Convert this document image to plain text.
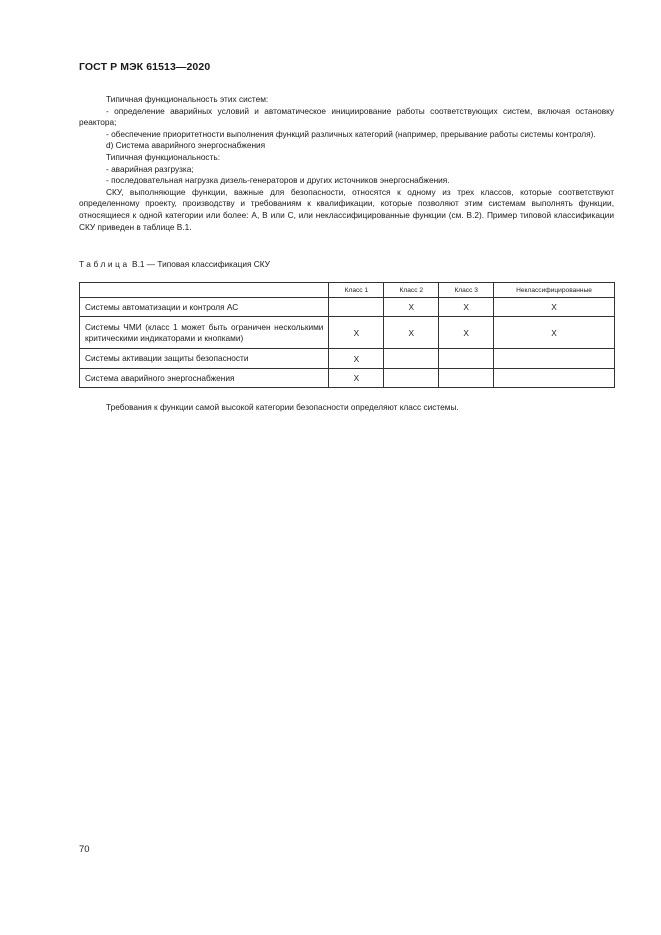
ГОСТ Р МЭК 61513—2020

Типичная функциональность этих систем:

- определение аварийных условий и автоматическое инициирование работы соответствующих систем, включая остановку реактора;

- обеспечение приоритетности выполнения функций различных категорий (например, прерывание работы системы контроля).

d) Система аварийного энергоснабжения

Типичная функциональность:

- аварийная разгрузка;

- последовательная нагрузка дизель-генераторов и других источников энергоснабжения.

СКУ, выполняющие функции, важные для безопасности, относятся к одному из трех классов, которые соответствуют определенному проекту, производству и требованиям к квалификации, которые позволяют этим системам выполнять функции, относящиеся к одной категории или более: А, В или С, или неклассифицированные функции (см. В.2). Пример типовой классификации СКУ приведен в таблице В.1.

Таблица В.1 — Типовая классификация СКУ
	Класс 1	Класс 2	Класс 3	Неклассифицированные
Системы автоматизации и контроля АС		X	X	X
Системы ЧМИ (класс 1 может быть ограничен несколькими критическими индикаторами и кнопками)	X	X	X	X
Системы активации защиты безопасности	X			
Система аварийного энергоснабжения	X			
Требования к функции самой высокой категории безопасности определяют класс системы.
70
